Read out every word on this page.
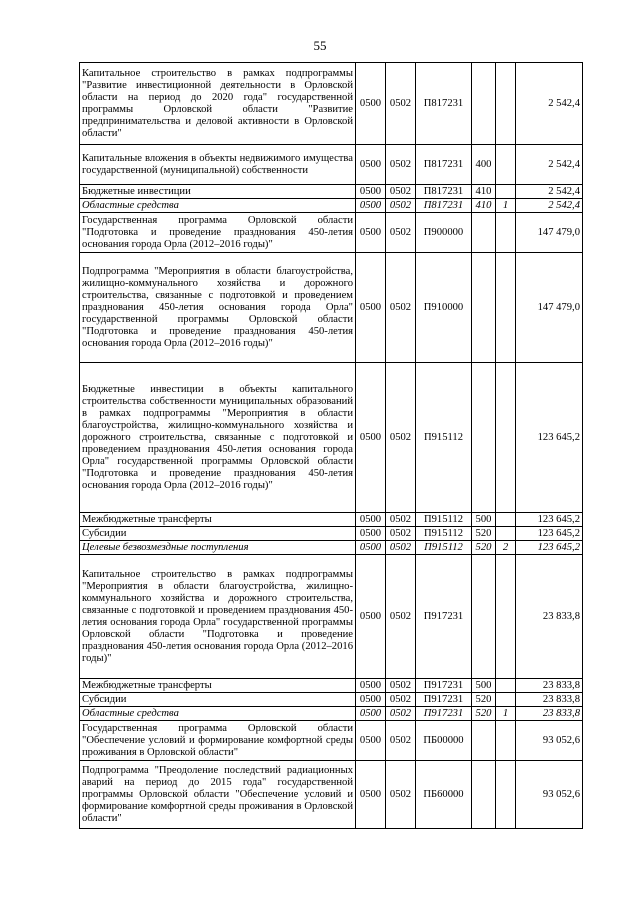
55
Капитальное строительство в рамках подпрограммы "Развитие инвестиционной деятельности в Орловской области на период до 2020 года" государственной программы Орловской области "Развитие предпринимательства и деловой активности в Орловской области"	0500	0502	П817231			2 542,4
Капитальные вложения в объекты недвижимого имущества государственной (муниципальной) собственности	0500	0502	П817231	400		2 542,4
Бюджетные инвестиции	0500	0502	П817231	410		2 542,4
Областные средства	0500	0502	П817231	410	1	2 542,4
Государственная программа Орловской области "Подготовка и проведение празднования 450-летия основания города Орла (2012–2016 годы)"	0500	0502	П900000			147 479,0
Подпрограмма "Мероприятия в области благоустройства, жилищно-коммунального хозяйства и дорожного строительства, связанные с подготовкой и проведением празднования 450-летия основания города Орла" государственной программы Орловской области "Подготовка и проведение празднования 450-летия основания города Орла (2012–2016 годы)"	0500	0502	П910000			147 479,0
Бюджетные инвестиции в объекты капитального строительства собственности муниципальных образований в рамках подпрограммы "Мероприятия в области благоустройства, жилищно-коммунального хозяйства и дорожного строительства, связанные с подготовкой и проведением празднования 450-летия основания города Орла" государственной программы Орловской области "Подготовка и проведение празднования 450-летия основания города Орла (2012–2016 годы)"	0500	0502	П915112			123 645,2
Межбюджетные трансферты	0500	0502	П915112	500		123 645,2
Субсидии	0500	0502	П915112	520		123 645,2
Целевые безвозмездные поступления	0500	0502	П915112	520	2	123 645,2
Капитальное строительство в рамках подпрограммы "Мероприятия в области благоустройства, жилищно-коммунального хозяйства и дорожного строительства, связанные с подготовкой и проведением празднования 450-летия основания города Орла" государственной программы Орловской области "Подготовка и проведение празднования 450-летия основания города Орла (2012–2016 годы)"	0500	0502	П917231			23 833,8
Межбюджетные трансферты	0500	0502	П917231	500		23 833,8
Субсидии	0500	0502	П917231	520		23 833,8
Областные средства	0500	0502	П917231	520	1	23 833,8
Государственная программа Орловской области "Обеспечение условий и формирование комфортной среды проживания в Орловской области"	0500	0502	ПБ00000			93 052,6
Подпрограмма "Преодоление последствий радиационных аварий на период до 2015 года" государственной программы Орловской области "Обеспечение условий и формирование комфортной среды проживания в Орловской области"	0500	0502	ПБ60000			93 052,6
